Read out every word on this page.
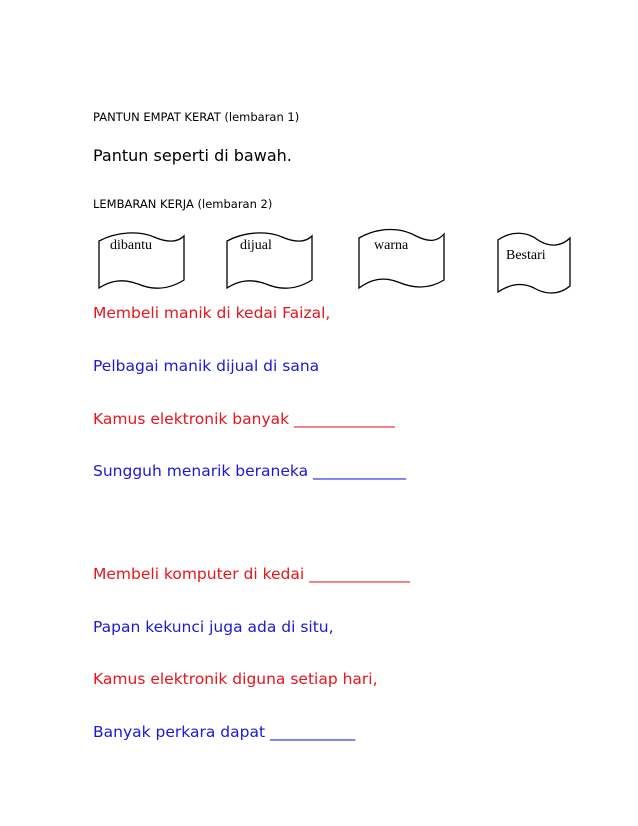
PANTUN EMPAT KERAT (lembaran 1)
Pantun seperti di bawah.
LEMBARAN KERJA (lembaran 2)
dibantu	dijual	warna
Bestari
Membeli manik di kedai Faizal,
Pelbagai manik dijual di sana
Kamus elektronik banyak _____________
Sungguh menarik beraneka ____________
Membeli komputer di kedai _____________
Papan kekunci juga ada di situ,
Kamus elektronik diguna setiap hari,
Banyak perkara dapat ___________
